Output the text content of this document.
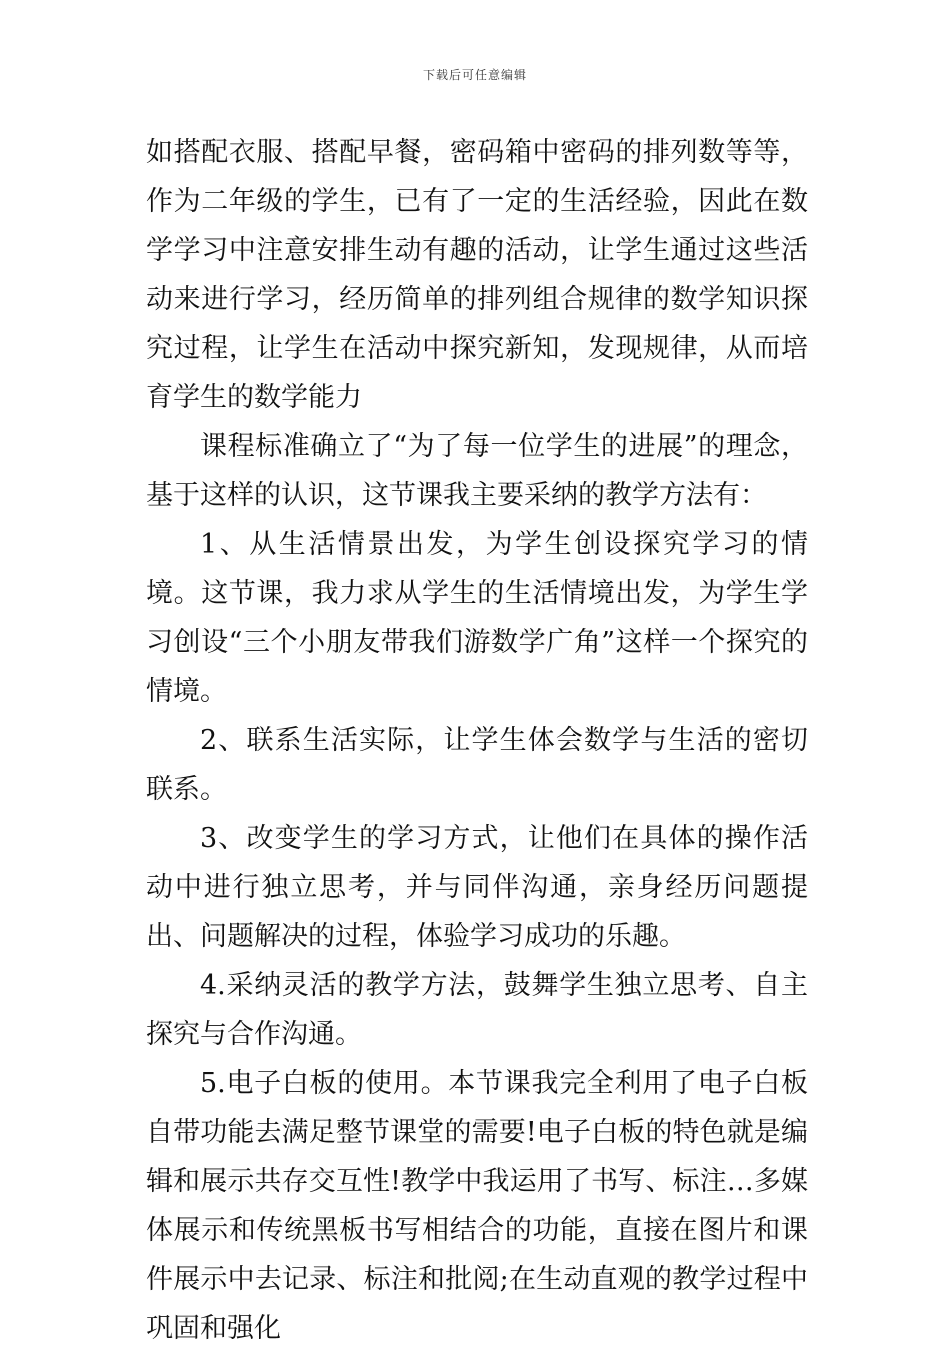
下载后可任意编辑

如搭配衣服、搭配早餐，密码箱中密码的排列数等等，作为二年级的学生，已有了一定的生活经验，因此在数学学习中注意安排生动有趣的活动，让学生通过这些活动来进行学习，经历简单的排列组合规律的数学知识探究过程，让学生在活动中探究新知，发现规律，从而培育学生的数学能力

课程标准确立了“为了每一位学生的进展”的理念，基于这样的认识，这节课我主要采纳的教学方法有：

1、从生活情景出发，为学生创设探究学习的情境。这节课，我力求从学生的生活情境出发，为学生学习创设“三个小朋友带我们游数学广角”这样一个探究的情境。

2、联系生活实际，让学生体会数学与生活的密切联系。

3、改变学生的学习方式，让他们在具体的操作活动中进行独立思考，并与同伴沟通，亲身经历问题提出、问题解决的过程，体验学习成功的乐趣。

4.采纳灵活的教学方法，鼓舞学生独立思考、自主探究与合作沟通。

5.电子白板的使用。本节课我完全利用了电子白板自带功能去满足整节课堂的需要!电子白板的特色就是编辑和展示共存交互性!教学中我运用了书写、标注…多媒体展示和传统黑板书写相结合的功能，直接在图片和课件展示中去记录、标注和批阅;在生动直观的教学过程中巩固和强化
